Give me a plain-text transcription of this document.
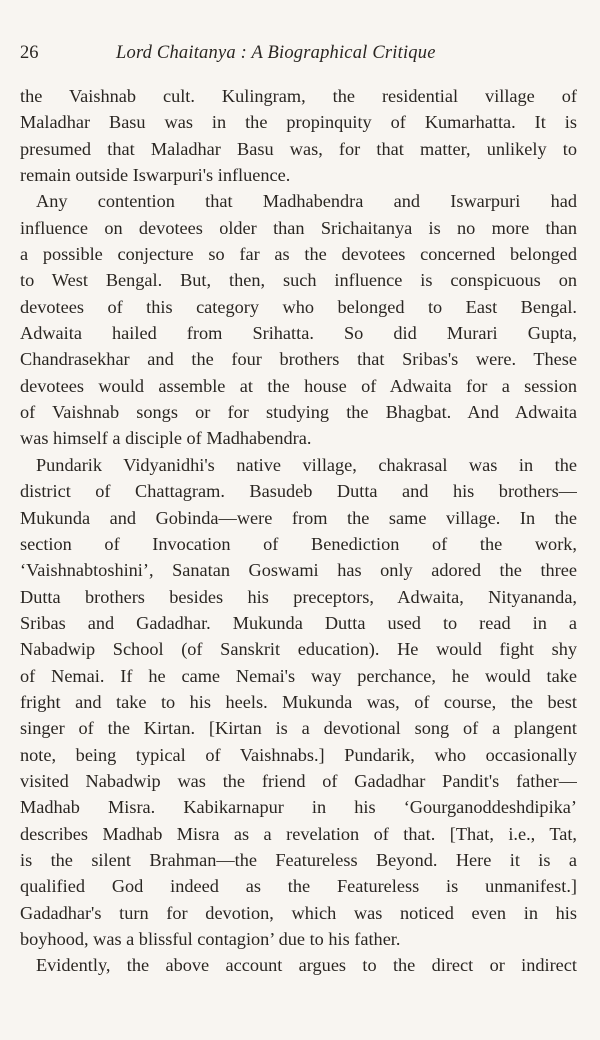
26	Lord Chaitanya : A Biographical Critique
the Vaishnab cult. Kulingram, the residential village of
Maladhar Basu was in the propinquity of Kumarhatta. It is
presumed that Maladhar Basu was, for that matter, unlikely to
remain outside Iswarpuri's influence.
Any contention that Madhabendra and Iswarpuri had
influence on devotees older than Srichaitanya is no more than
a possible conjecture so far as the devotees concerned belonged
to West Bengal. But, then, such influence is conspicuous on
devotees of this category who belonged to East Bengal.
Adwaita hailed from Srihatta. So did Murari Gupta,
Chandrasekhar and the four brothers that Sribas's were. These
devotees would assemble at the house of Adwaita for a session
of Vaishnab songs or for studying the Bhagbat. And Adwaita
was himself a disciple of Madhabendra.
Pundarik Vidyanidhi's native village, chakrasal was in the
district of Chattagram. Basudeb Dutta and his brothers—
Mukunda and Gobinda—were from the same village. In the
section of Invocation of Benediction of the work,
‘Vaishnabtoshini’, Sanatan Goswami has only adored the three
Dutta brothers besides his preceptors, Adwaita, Nityananda,
Sribas and Gadadhar. Mukunda Dutta used to read in a
Nabadwip School (of Sanskrit education). He would fight shy
of Nemai. If he came Nemai's way perchance, he would take
fright and take to his heels. Mukunda was, of course, the best
singer of the Kirtan. [Kirtan is a devotional song of a plangent
note, being typical of Vaishnabs.] Pundarik, who occasionally
visited Nabadwip was the friend of Gadadhar Pandit's father—
Madhab Misra. Kabikarnapur in his ‘Gourganoddeshdipika’
describes Madhab Misra as a revelation of that. [That, i.e., Tat,
is the silent Brahman—the Featureless Beyond. Here it is a
qualified God indeed as the Featureless is unmanifest.]
Gadadhar's turn for devotion, which was noticed even in his
boyhood, was a blissful contagion’ due to his father.
Evidently, the above account argues to the direct or indirect
